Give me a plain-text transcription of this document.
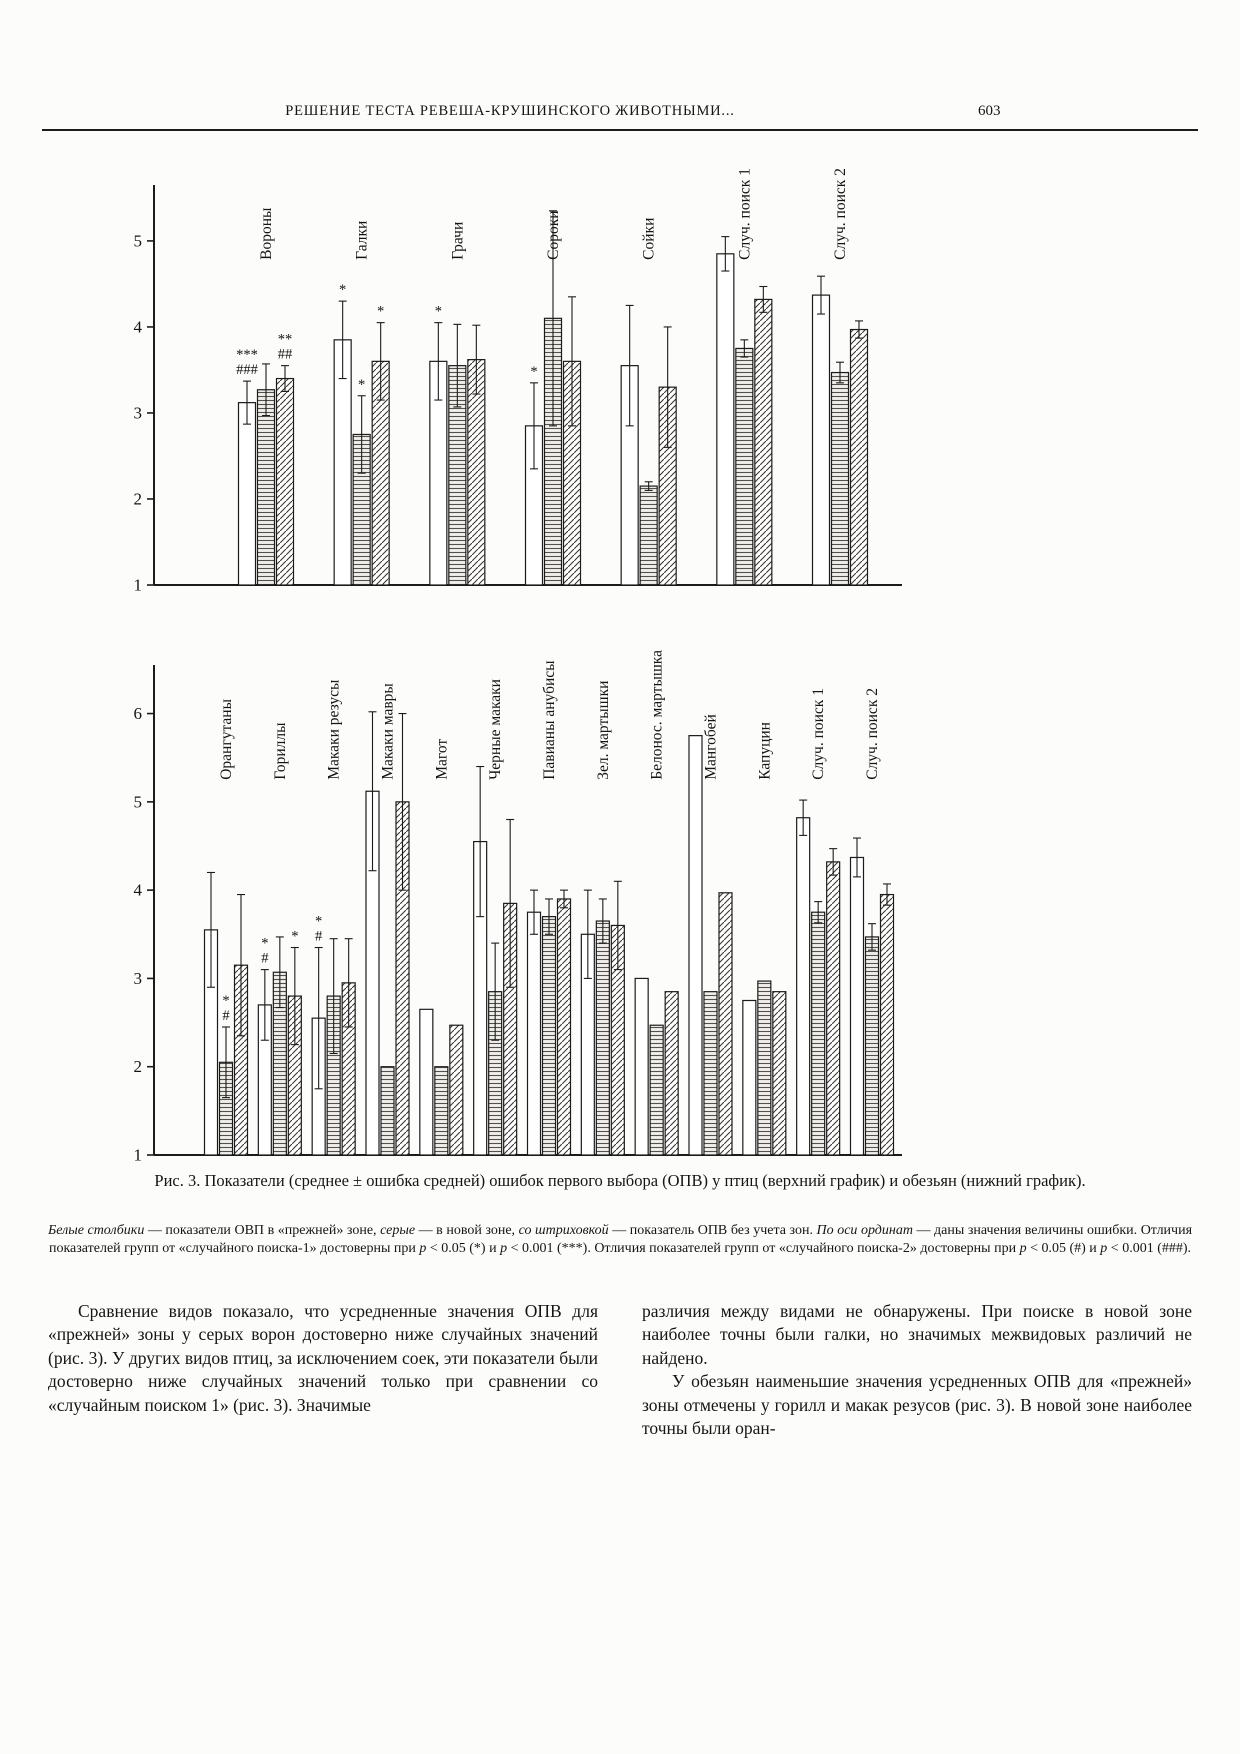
РЕШЕНИЕ ТЕСТА РЕВЕША-КРУШИНСКОГО ЖИВОТНЫМИ...	603
1
2
3
4
5	Вороны
***
###
**
##
Галки
*
*
*
Грачи
*
Сороки
*
Сойки	Случ. поиск 1	Случ. поиск 2
1
2
3
4
5
6	Орангутаны
*
#
Гориллы
*
#
*
Макаки резусы
*
#
Макаки мавры Магот Черные макаки Павианы анубисы Зел. мартышки Белонос. мартышка Мангобей Капуцин Случ. поиск 1 Случ. поиск 2
Рис. 3. Показатели (среднее ± ошибка средней) ошибок первого выбора (ОПВ) у птиц (верхний график) и обезьян (нижний график).
Белые столбики — показатели ОВП в «прежней» зоне, серые — в новой зоне, со штриховкой — показатель ОПВ без учета зон. По оси ординат — даны значения величины ошибки. Отличия показателей групп от «случайного поиска-1» достоверны при p < 0.05 (*) и p < 0.001 (***). Отличия показателей групп от «случайного поиска-2» достоверны при p < 0.05 (#) и p < 0.001 (###).

Сравнение видов показало, что усредненные значения ОПВ для «прежней» зоны у серых ворон достоверно ниже случайных значений (рис. 3). У других видов птиц, за исключением соек, эти показатели были достоверно ниже случайных значений только при сравнении со «случайным поиском 1» (рис. 3). Значимые

различия между видами не обнаружены. При поиске в новой зоне наиболее точны были галки, но значимых межвидовых различий не найдено.

У обезьян наименьшие значения усредненных ОПВ для «прежней» зоны отмечены у горилл и макак резусов (рис. 3). В новой зоне наиболее точны были оран-
